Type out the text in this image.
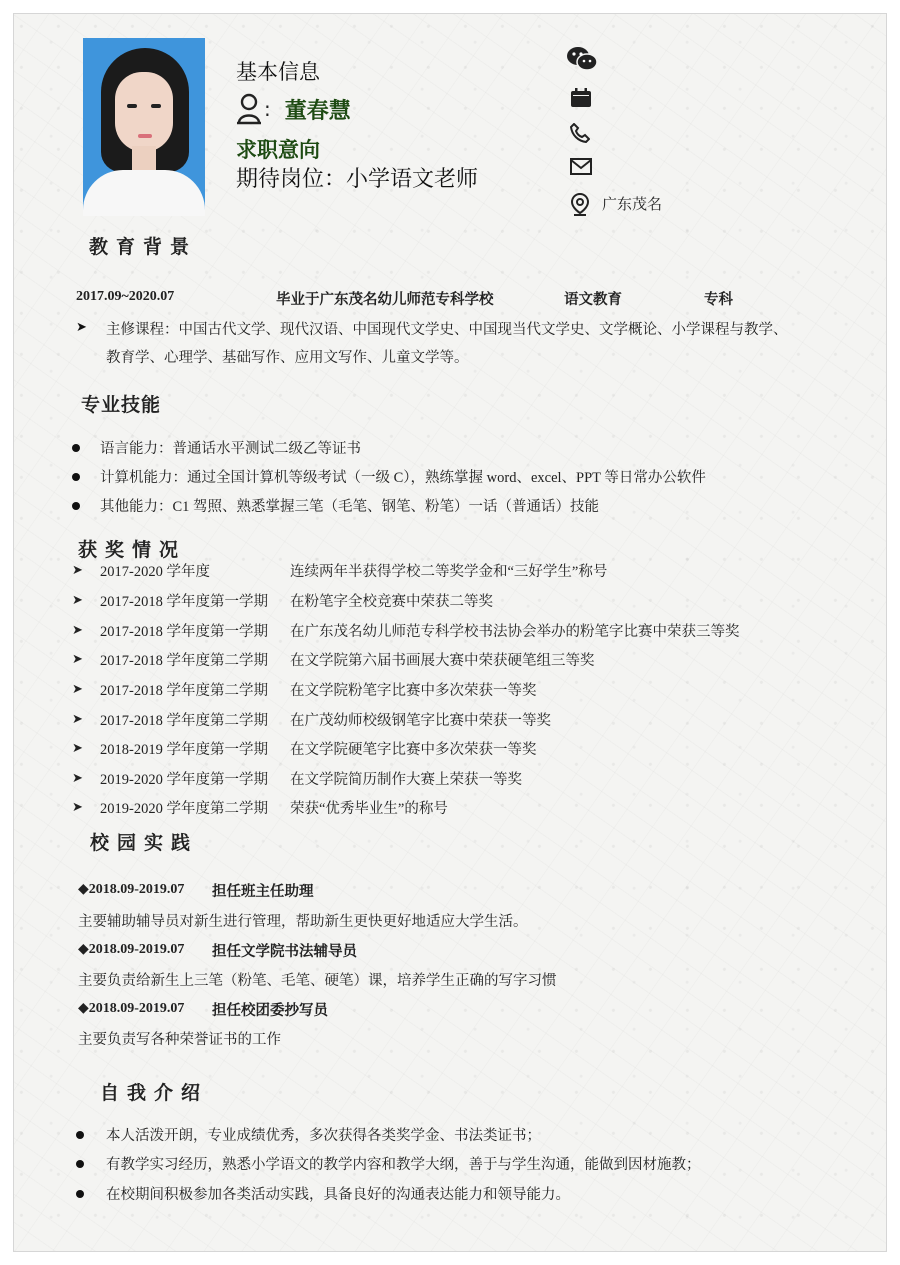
基本信息
: 董春慧
求职意向
期待岗位：小学语文老师
广东茂名
教育背景
2017.09~2020.07	毕业于广东茂名幼儿师范专科学校	语文教育	专科
➤ 主修课程：中国古代文学、现代汉语、中国现代文学史、中国现当代文学史、文学概论、小学课程与教学、
教育学、心理学、基础写作、应用文写作、儿童文学等。
专业技能
语言能力：普通话水平测试二级乙等证书
计算机能力：通过全国计算机等级考试（一级 C），熟练掌握 word、excel、PPT 等日常办公软件
其他能力：C1 驾照、熟悉掌握三笔（毛笔、钢笔、粉笔）一话（普通话）技能
获奖情况
➤	2017-2020 学年度	连续两年半获得学校二等奖学金和“三好学生”称号
➤	2017-2018 学年度第一学期	在粉笔字全校竞赛中荣获二等奖
➤	2017-2018 学年度第一学期	在广东茂名幼儿师范专科学校书法协会举办的粉笔字比赛中荣获三等奖
➤	2017-2018 学年度第二学期	在文学院第六届书画展大赛中荣获硬笔组三等奖
➤	2017-2018 学年度第二学期	在文学院粉笔字比赛中多次荣获一等奖
➤	2017-2018 学年度第二学期	在广茂幼师校级钢笔字比赛中荣获一等奖
➤	2018-2019 学年度第一学期	在文学院硬笔字比赛中多次荣获一等奖
➤	2019-2020 学年度第一学期	在文学院简历制作大赛上荣获一等奖
➤	2019-2020 学年度第二学期	荣获“优秀毕业生”的称号
校园实践
◆2018.09-2019.07 担任班主任助理
主要辅助辅导员对新生进行管理，帮助新生更快更好地适应大学生活。
◆2018.09-2019.07 担任文学院书法辅导员
主要负责给新生上三笔（粉笔、毛笔、硬笔）课，培养学生正确的写字习惯
◆2018.09-2019.07 担任校团委抄写员
主要负责写各种荣誉证书的工作
自我介绍
本人活泼开朗，专业成绩优秀，多次获得各类奖学金、书法类证书；
有教学实习经历，熟悉小学语文的教学内容和教学大纲，善于与学生沟通，能做到因材施教；
在校期间积极参加各类活动实践，具备良好的沟通表达能力和领导能力。
